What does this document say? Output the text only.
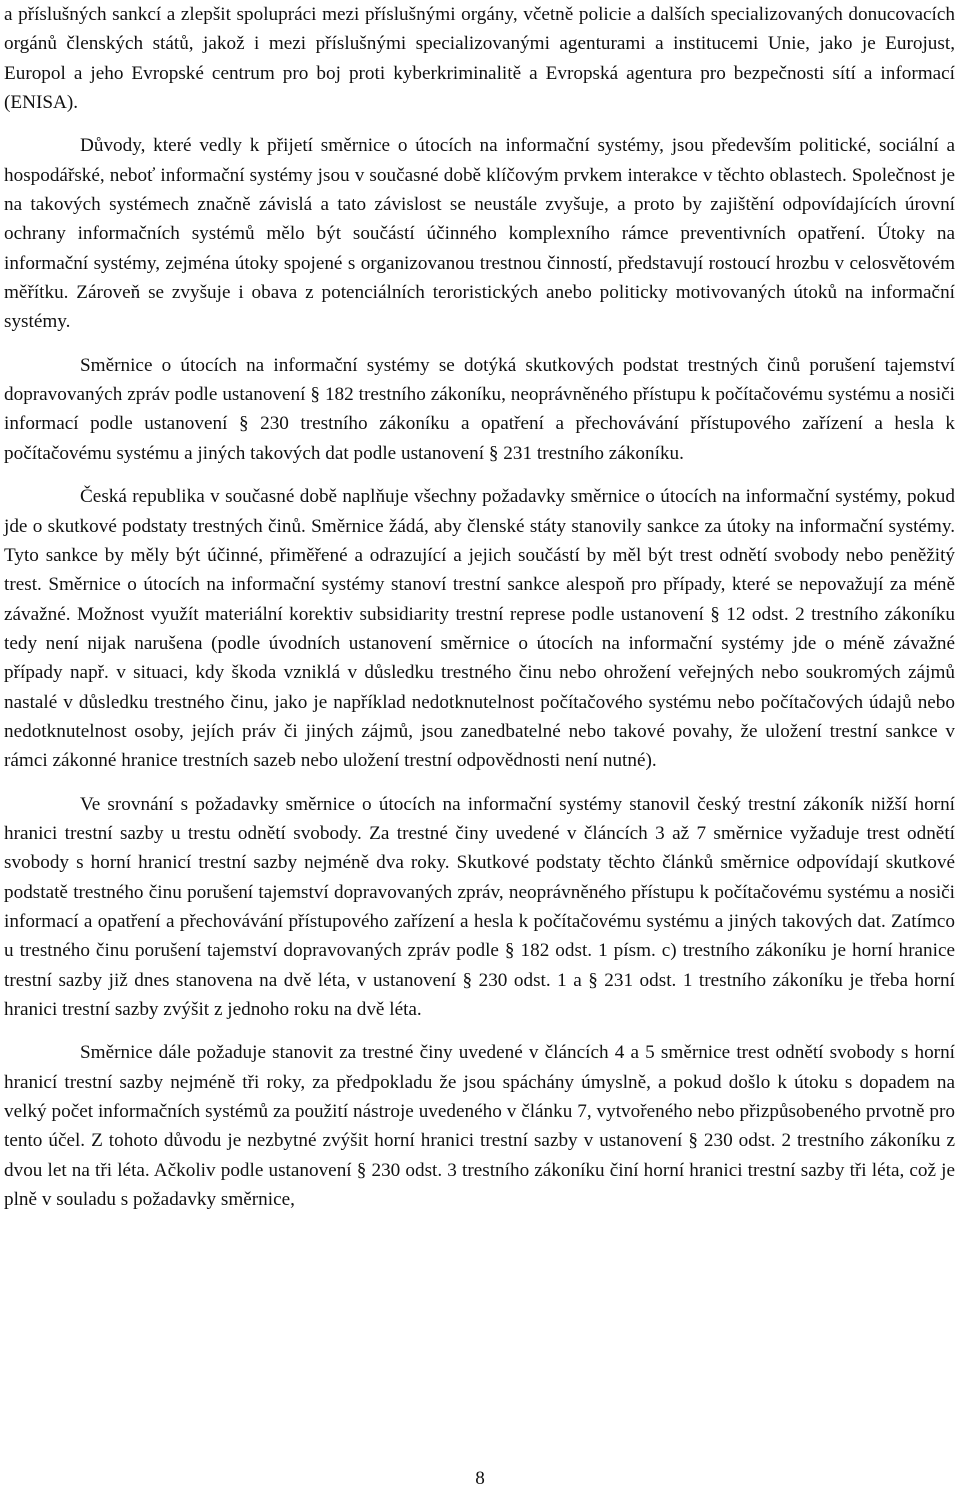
a příslušných sankcí a zlepšit spolupráci mezi příslušnými orgány, včetně policie a dalších specializovaných donucovacích orgánů členských států, jakož i mezi příslušnými specializovanými agenturami a institucemi Unie, jako je Eurojust, Europol a jeho Evropské centrum pro boj proti kyberkriminalitě a Evropská agentura pro bezpečnosti sítí a informací (ENISA).

Důvody, které vedly k přijetí směrnice o útocích na informační systémy, jsou především politické, sociální a hospodářské, neboť informační systémy jsou v současné době klíčovým prvkem interakce v těchto oblastech. Společnost je na takových systémech značně závislá a tato závislost se neustále zvyšuje, a proto by zajištění odpovídajících úrovní ochrany informačních systémů mělo být součástí účinného komplexního rámce preventivních opatření. Útoky na informační systémy, zejména útoky spojené s organizovanou trestnou činností, představují rostoucí hrozbu v celosvětovém měřítku. Zároveň se zvyšuje i obava z potenciálních teroristických anebo politicky motivovaných útoků na informační systémy.

Směrnice o útocích na informační systémy se dotýká skutkových podstat trestných činů porušení tajemství dopravovaných zpráv podle ustanovení § 182 trestního zákoníku, neoprávněného přístupu k počítačovému systému a nosiči informací podle ustanovení § 230 trestního zákoníku a opatření a přechovávání přístupového zařízení a hesla k počítačovému systému a jiných takových dat podle ustanovení § 231 trestního zákoníku.

Česká republika v současné době naplňuje všechny požadavky směrnice o útocích na informační systémy, pokud jde o skutkové podstaty trestných činů. Směrnice žádá, aby členské státy stanovily sankce za útoky na informační systémy. Tyto sankce by měly být účinné, přiměřené a odrazující a jejich součástí by měl být trest odnětí svobody nebo peněžitý trest. Směrnice o útocích na informační systémy stanoví trestní sankce alespoň pro případy, které se nepovažují za méně závažné. Možnost využít materiální korektiv subsidiarity trestní represe podle ustanovení § 12 odst. 2 trestního zákoníku tedy není nijak narušena (podle úvodních ustanovení směrnice o útocích na informační systémy jde o méně závažné případy např. v situaci, kdy škoda vzniklá v důsledku trestného činu nebo ohrožení veřejných nebo soukromých zájmů nastalé v důsledku trestného činu, jako je například nedotknutelnost počítačového systému nebo počítačových údajů nebo nedotknutelnost osoby, jejích práv či jiných zájmů, jsou zanedbatelné nebo takové povahy, že uložení trestní sankce v rámci zákonné hranice trestních sazeb nebo uložení trestní odpovědnosti není nutné).

Ve srovnání s požadavky směrnice o útocích na informační systémy stanovil český trestní zákoník nižší horní hranici trestní sazby u trestu odnětí svobody. Za trestné činy uvedené v článcích 3 až 7 směrnice vyžaduje trest odnětí svobody s horní hranicí trestní sazby nejméně dva roky. Skutkové podstaty těchto článků směrnice odpovídají skutkové podstatě trestného činu porušení tajemství dopravovaných zpráv, neoprávněného přístupu k počítačovému systému a nosiči informací a opatření a přechovávání přístupového zařízení a hesla k počítačovému systému a jiných takových dat. Zatímco u trestného činu porušení tajemství dopravovaných zpráv podle § 182 odst. 1 písm. c) trestního zákoníku je horní hranice trestní sazby již dnes stanovena na dvě léta, v ustanovení § 230 odst. 1 a § 231 odst. 1 trestního zákoníku je třeba horní hranici trestní sazby zvýšit z jednoho roku na dvě léta.

Směrnice dále požaduje stanovit za trestné činy uvedené v článcích 4 a 5 směrnice trest odnětí svobody s horní hranicí trestní sazby nejméně tři roky, za předpokladu že jsou spáchány úmyslně, a pokud došlo k útoku s dopadem na velký počet informačních systémů za použití nástroje uvedeného v článku 7, vytvořeného nebo přizpůsobeného prvotně pro tento účel. Z tohoto důvodu je nezbytné zvýšit horní hranici trestní sazby v ustanovení § 230 odst. 2 trestního zákoníku z dvou let na tři léta. Ačkoliv podle ustanovení § 230 odst. 3 trestního zákoníku činí horní hranici trestní sazby tři léta, což je plně v souladu s požadavky směrnice,

8
